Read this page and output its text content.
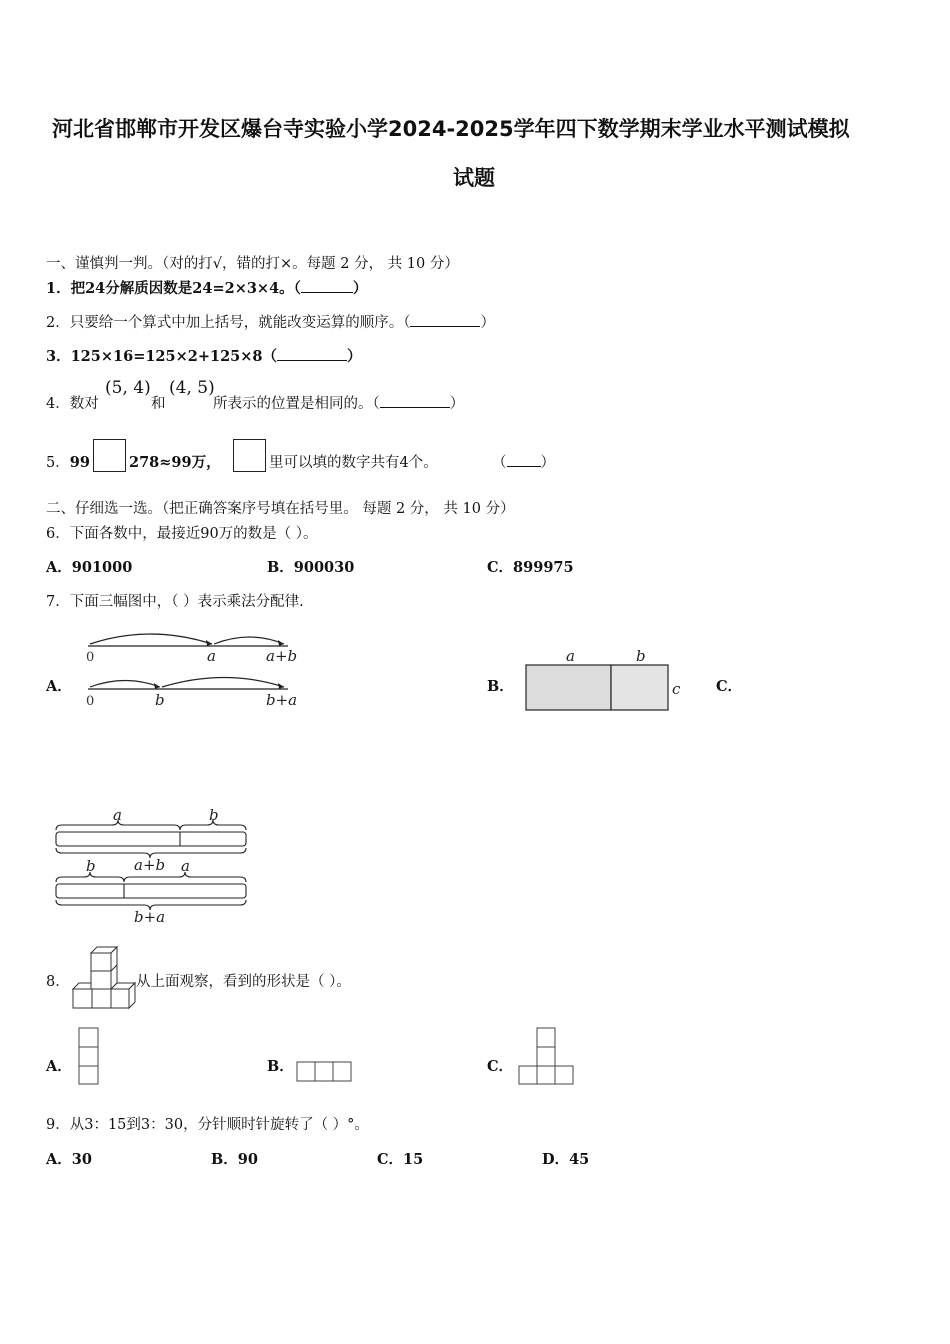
河北省邯郸市开发区爆台寺实验小学2024-2025学年四下数学期末学业水平测试模拟
试题
一、谨慎判一判。（对的打√，错的打×。每题 2 分， 共 10 分）
1．把24分解质因数是24=2×3×4。（	）
2．只要给一个算式中加上括号，就能改变运算的顺序。（	）
3．125×16=125×2+125×8（	）
4．数对
(5, 4)
和
(4, 5)
所表示的位置是相同的。（	）
5．99	278≈99万，	里可以填的数字共有4个。	（ ）
二、仔细选一选。（把正确答案序号填在括号里。 每题 2 分， 共 10 分）
6．下面各数中，最接近90万的数是（ ）。
A．901000	B．900030	C．899975
7．下面三幅图中，（ ）表示乘法分配律.
A．
0	a	a+b
0	b	b+a
B．
a	b
c C．
a	b
a+b
b	a
b+a
8．	从上面观察，看到的形状是（ ）。
A．	B．	C．
9．从3：15到3：30，分针顺时针旋转了（ ）°。
A．30	B．90	C．15	D．45
